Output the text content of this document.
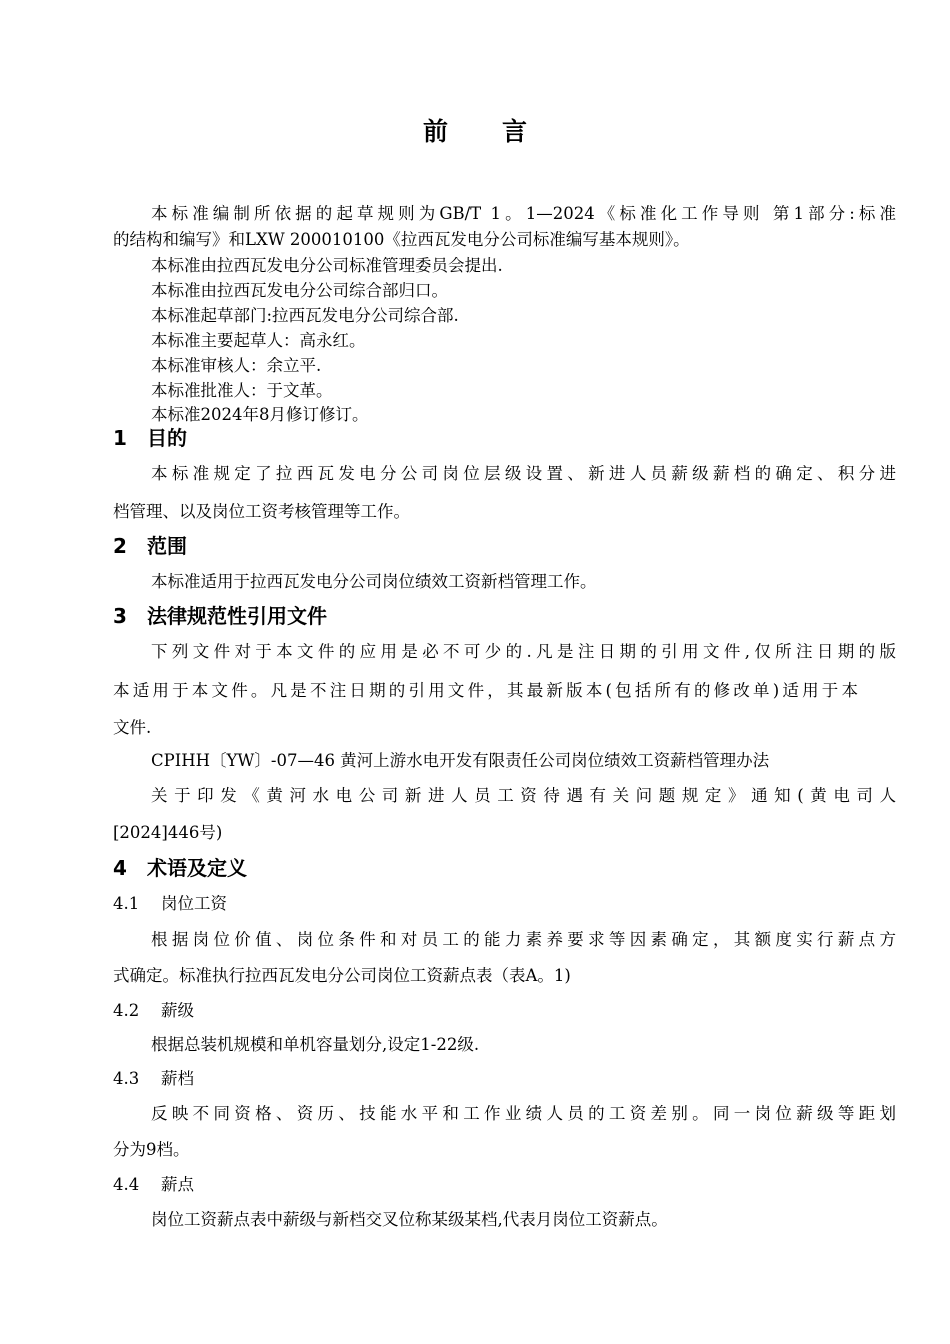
前言
本标准编制所依据的起草规则为GB/T 1。1—2024《标准化工作导则 第1部分:标准
的结构和编写》和LXW 200010100《拉西瓦发电分公司标准编写基本规则》。
本标准由拉西瓦发电分公司标准管理委员会提出.
本标准由拉西瓦发电分公司综合部归口。
本标准起草部门:拉西瓦发电分公司综合部.
本标准主要起草人：高永红。
本标准审核人：余立平.
本标准批准人：于文革。
本标准2024年8月修订修订。
1 目的
本标准规定了拉西瓦发电分公司岗位层级设置、新进人员薪级薪档的确定、积分进
档管理、以及岗位工资考核管理等工作。
2 范围
本标准适用于拉西瓦发电分公司岗位绩效工资新档管理工作。
3 法律规范性引用文件
下列文件对于本文件的应用是必不可少的.凡是注日期的引用文件,仅所注日期的版
本适用于本文件。凡是不注日期的引用文件，其最新版本(包括所有的修改单)适用于本
文件.
CPIHH〔YW〕-07—46 黄河上游水电开发有限责任公司岗位绩效工资薪档管理办法
关于印发《黄河水电公司新进人员工资待遇有关问题规定》通知(黄电司人
[2024]446号)
4 术语及定义
4.1 岗位工资
根据岗位价值、岗位条件和对员工的能力素养要求等因素确定，其额度实行薪点方
式确定。标准执行拉西瓦发电分公司岗位工资薪点表（表A。1)
4.2 薪级
根据总装机规模和单机容量划分,设定1-22级.
4.3 薪档
反映不同资格、资历、技能水平和工作业绩人员的工资差别。同一岗位薪级等距划
分为9档。
4.4 薪点
岗位工资薪点表中薪级与新档交叉位称某级某档,代表月岗位工资薪点。
